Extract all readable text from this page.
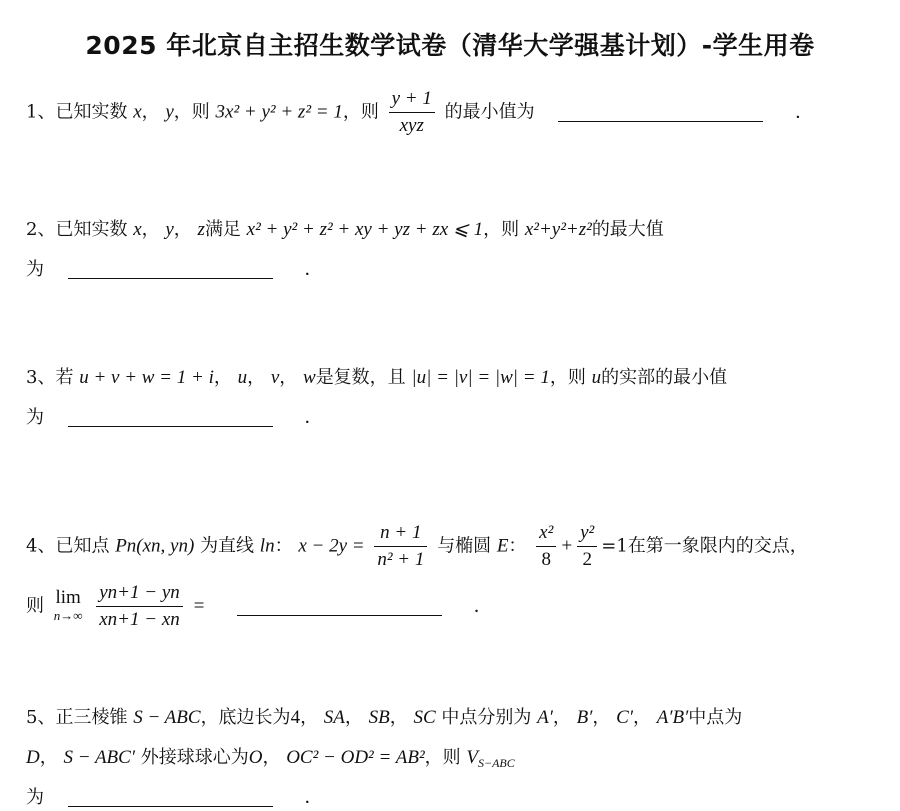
2025 年北京自主招生数学试卷（清华大学强基计划）-学生用卷
1、已知实数 x， y，则 3x² + y² + z² = 1，则 $\frac{y + 1}{\text{xyz}}$ 的最小值为	．
2、已知实数 x， y， z满足 x² + y² + z² + xy + yz + zx ⩽ 1，则 x²+y²+z²的最大值
为	．
3、若 u + v + w = 1 + i， u， v， w是复数，且 |u| = |v| = |w| = 1，则 u的实部的最小值
为	．
4、已知点 Pn(xn, yn) 为直线 ln： $x - 2y = \frac{n + 1}{\text{n² + 1}}$ 与椭圆 E： $\frac{\text{x²}}{8} + \frac{\text{y²}}{2} =1$在第一象限内的交点，
则 lim
n→∞
$\frac{yn+1 - yn}{xn+1 - xn}$ =	．
5、正三棱锥 S − ABC，底边长为4， SA， SB， SC 中点分别为 A′， B′， C′， A′B′中点为
D， S − ABC′ 外接球球心为O， OC² − OD² = AB²，则 $V_{S-ABC}$
为	．
